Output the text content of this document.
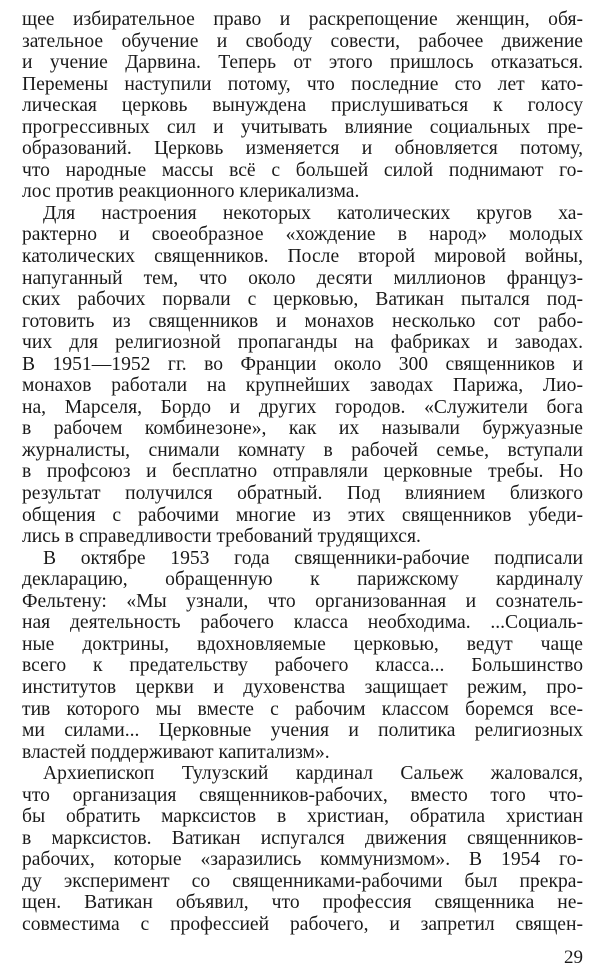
щее избирательное право и раскрепощение женщин, обя-
зательное обучение и свободу совести, рабочее движение
и учение Дарвина. Теперь от этого пришлось отказаться.
Перемены наступили потому, что последние сто лет като-
лическая церковь вынуждена прислушиваться к голосу
прогрессивных сил и учитывать влияние социальных пре-
образований. Церковь изменяется и обновляется потому,
что народные массы всё с большей силой поднимают го-
лос против реакционного клерикализма.
Для настроения некоторых католических кругов ха-
рактерно и своеобразное «хождение в народ» молодых
католических священников. После второй мировой войны,
напуганный тем, что около десяти миллионов француз-
ских рабочих порвали с церковью, Ватикан пытался под-
готовить из священников и монахов несколько сот рабо-
чих для религиозной пропаганды на фабриках и заводах.
В 1951—1952 гг. во Франции около 300 священников и
монахов работали на крупнейших заводах Парижа, Лио-
на, Марселя, Бордо и других городов. «Служители бога
в рабочем комбинезоне», как их называли буржуазные
журналисты, снимали комнату в рабочей семье, вступали
в профсоюз и бесплатно отправляли церковные требы. Но
результат получился обратный. Под влиянием близкого
общения с рабочими многие из этих священников убеди-
лись в справедливости требований трудящихся.
В октябре 1953 года священники-рабочие подписали
декларацию, обращенную к парижскому кардиналу
Фельтену: «Мы узнали, что организованная и сознатель-
ная деятельность рабочего класса необходима. ...Социаль-
ные доктрины, вдохновляемые церковью, ведут чаще
всего к предательству рабочего класса... Большинство
институтов церкви и духовенства защищает режим, про-
тив которого мы вместе с рабочим классом боремся все-
ми силами... Церковные учения и политика религиозных
властей поддерживают капитализм».
Архиепископ Тулузский кардинал Сальеж жаловался,
что организация священников-рабочих, вместо того что-
бы обратить марксистов в христиан, обратила христиан
в марксистов. Ватикан испугался движения священников-
рабочих, которые «заразились коммунизмом». В 1954 го-
ду эксперимент со священниками-рабочими был прекра-
щен. Ватикан объявил, что профессия священника не-
совместима с профессией рабочего, и запретил священ-
29
